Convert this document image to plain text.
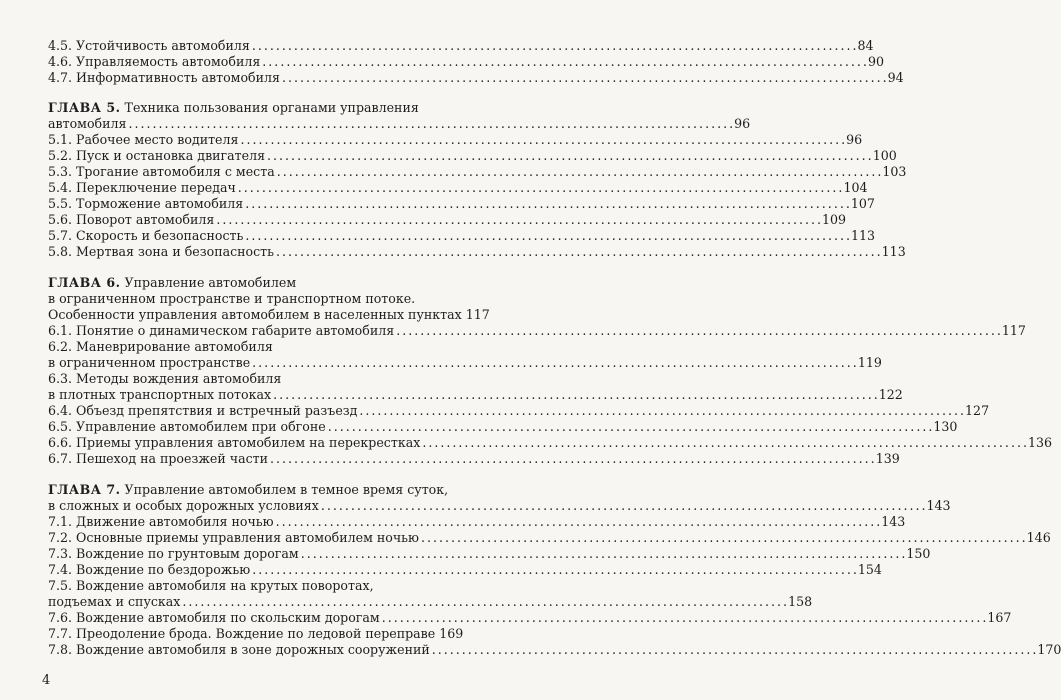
4.5. Устойчивость автомобиля . . .	84
4.6. Управляемость автомобиля . . .	90
4.7. Информативность автомобиля . . .	94
ГЛАВА 5. Техника пользования органами управления
автомобиля . . .	96
5.1. Рабочее место водителя . . .	96
5.2. Пуск и остановка двигателя . . .	100
5.3. Трогание автомобиля с места . . .	103
5.4. Переключение передач . . .	104
5.5. Торможение автомобиля . . .	107
5.6. Поворот автомобиля . . .	109
5.7. Скорость и безопасность . . .	113
5.8. Мертвая зона и безопасность . . .	113
ГЛАВА 6. Управление автомобилем
в ограниченном пространстве и транспортном потоке.
Особенности управления автомобилем в населенных пунктах 117
6.1. Понятие о динамическом габарите автомобиля . . .	117
6.2. Маневрирование автомобиля
в ограниченном пространстве . . .	119
6.3. Методы вождения автомобиля
в плотных транспортных потоках . . .	122
6.4. Объезд препятствия и встречный разъезд . . .	127
6.5. Управление автомобилем при обгоне . . .	130
6.6. Приемы управления автомобилем на перекрестках . . .	136
6.7. Пешеход на проезжей части . . .	139
ГЛАВА 7. Управление автомобилем в темное время суток,
в сложных и особых дорожных условиях . . .	143
7.1. Движение автомобиля ночью . . .	143
7.2. Основные приемы управления автомобилем ночью . . .	146
7.3. Вождение по грунтовым дорогам . . .	150
7.4. Вождение по бездорожью . . .	154
7.5. Вождение автомобиля на крутых поворотах,
подъемах и спусках . . .	158
7.6. Вождение автомобиля по скольским дорогам . . .	167
7.7. Преодоление брода. Вождение по ледовой переправе 169
7.8. Вождение автомобиля в зоне дорожных сооружений . . .	170
4
